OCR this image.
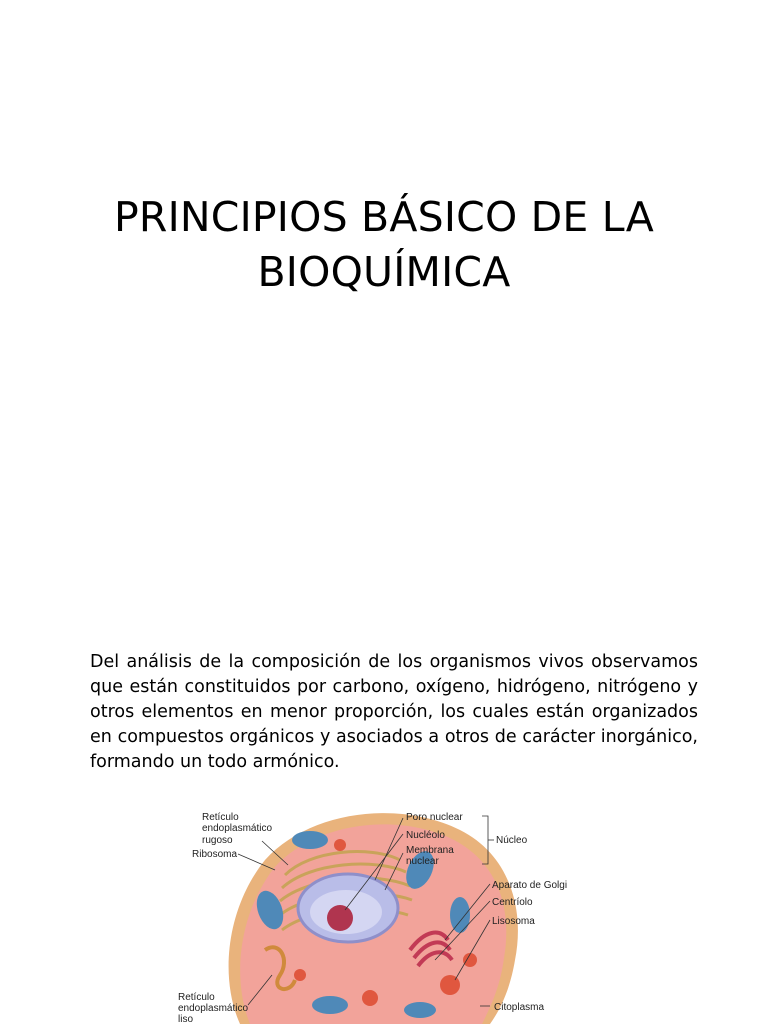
PRINCIPIOS BÁSICO DE LA
BIOQUÍMICA

Del análisis de la composición de los organismos vivos observamos que están constituidos por carbono, oxígeno, hidrógeno, nitrógeno y otros elementos en menor proporción, los cuales están organizados en compuestos orgánicos y asociados a otros de carácter inorgánico, formando un todo armónico.

Retículo
endoplasmático
rugoso
Ribosoma
Poro nuclear
Nucléolo
Membrana
nuclear
Núcleo
Aparato de Golgi
Centríolo
Lisosoma
Retículo
endoplasmático
liso
Citoplasma
